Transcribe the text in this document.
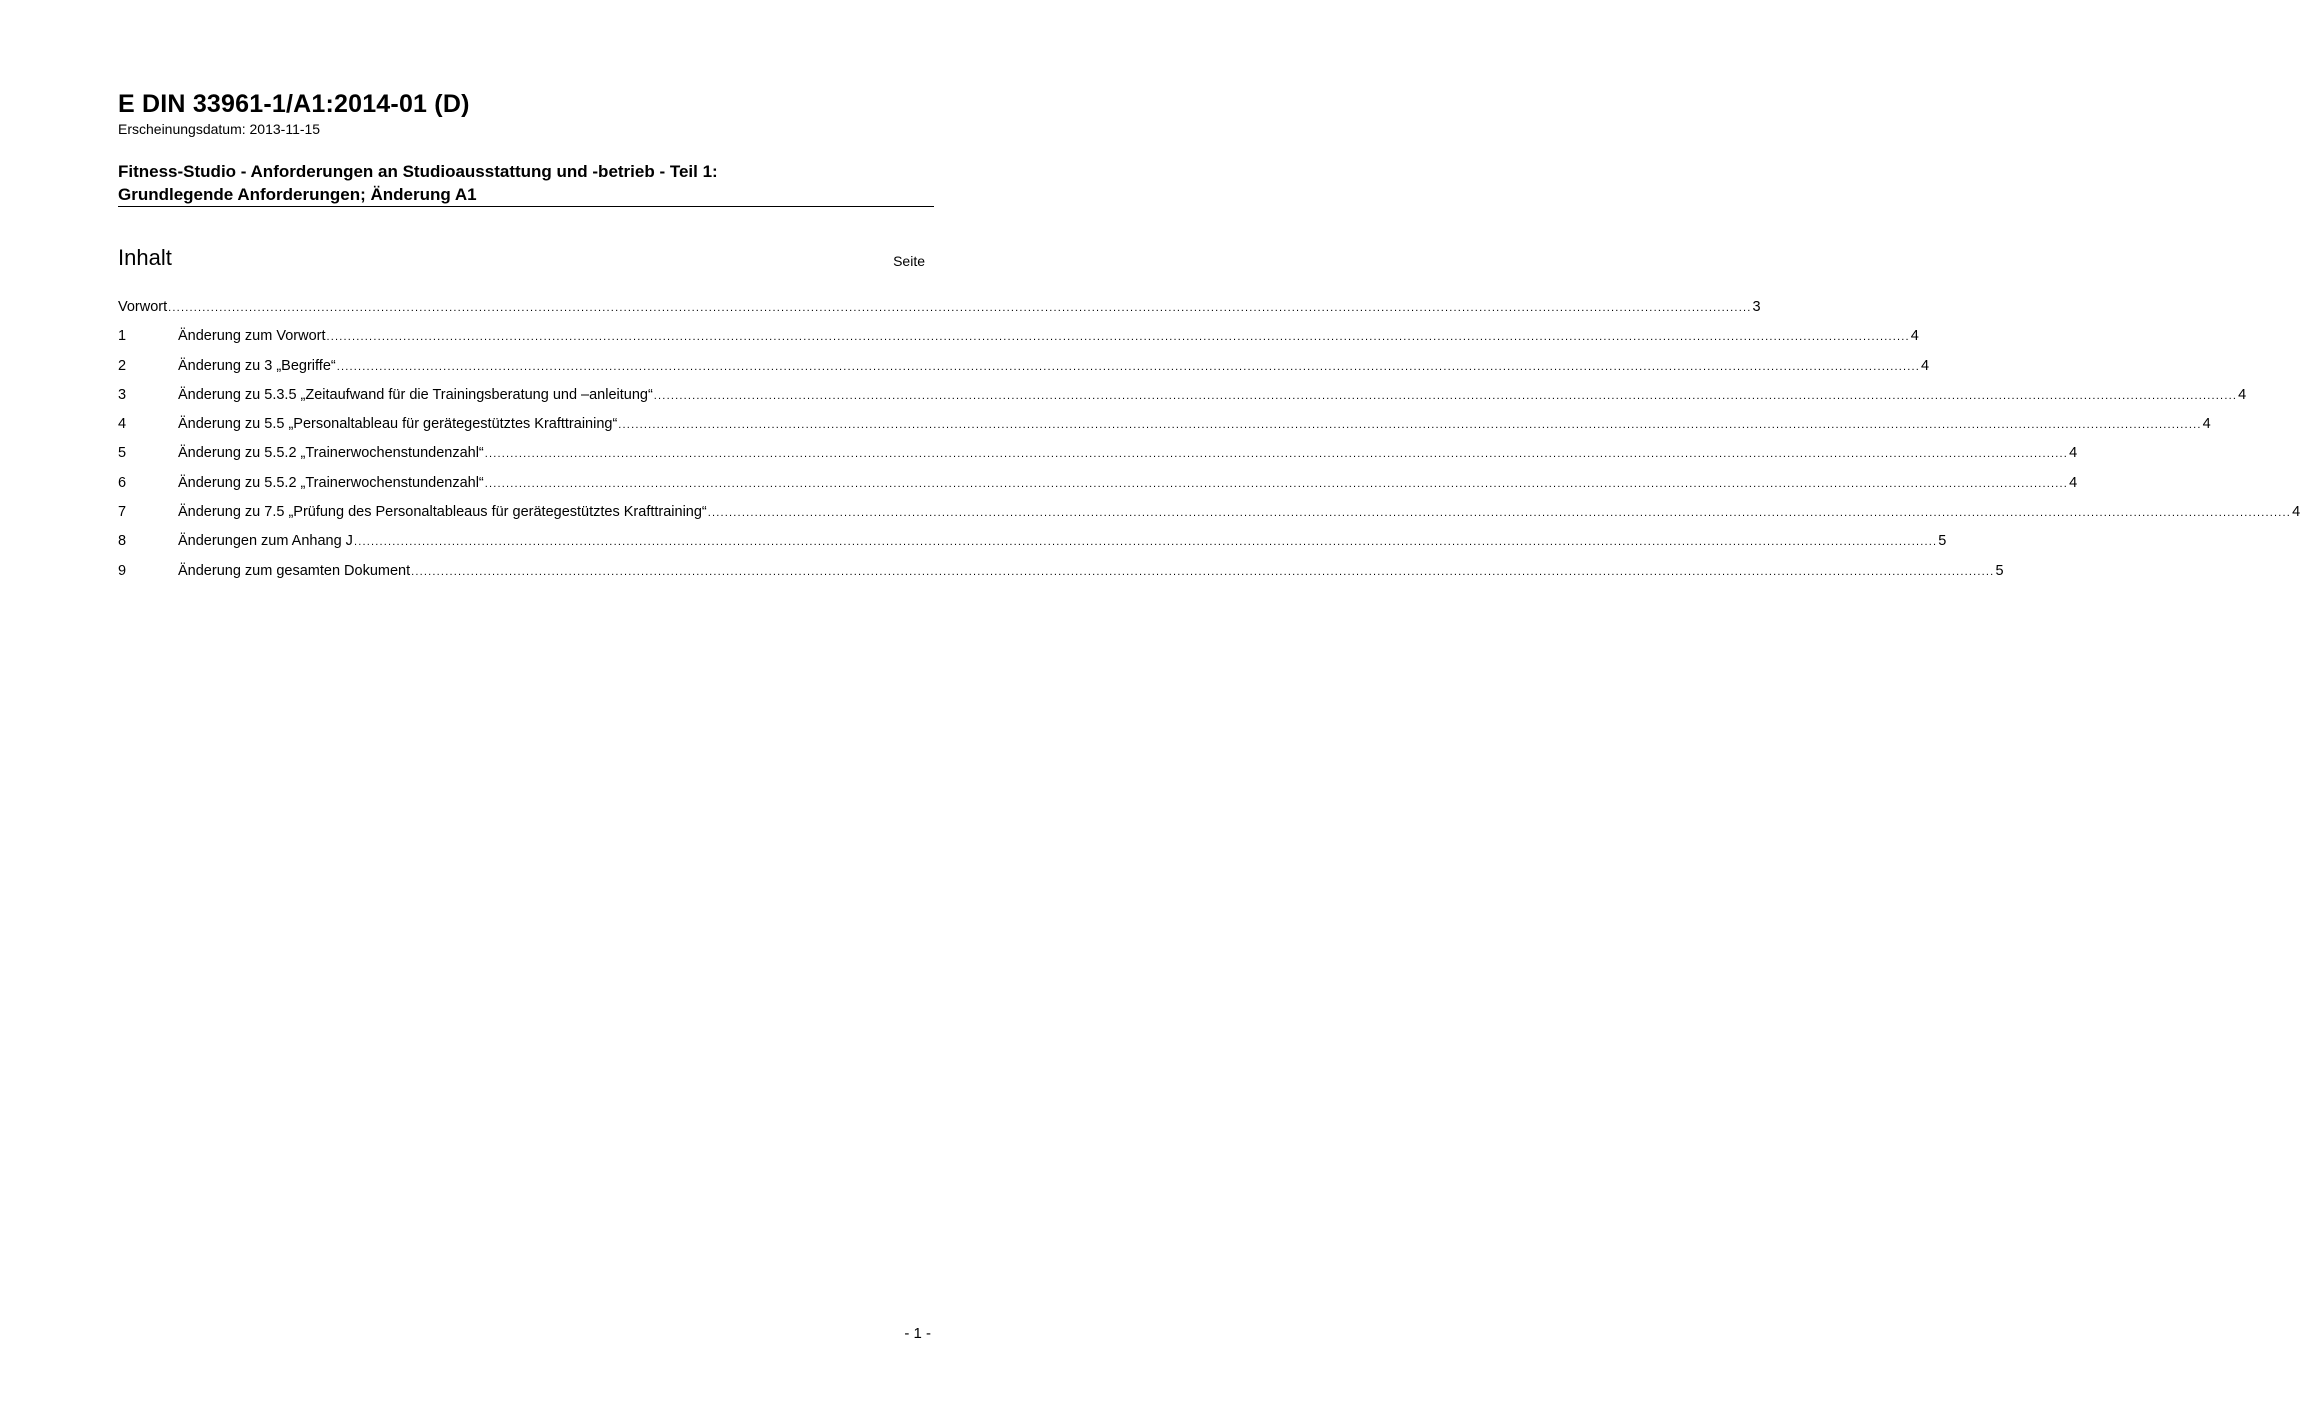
E DIN 33961-1/A1:2014-01 (D)
Erscheinungsdatum: 2013-11-15
Fitness-Studio - Anforderungen an Studioausstattung und -betrieb - Teil 1:
Grundlegende Anforderungen; Änderung A1
Inhalt	Seite
Vorwort .....	3
1	Änderung zum Vorwort .....	4
2	Änderung zu 3 „Begriffe“ .....	4
3	Änderung zu 5.3.5 „Zeitaufwand für die Trainingsberatung und –anleitung“ .....	4
4	Änderung zu 5.5 „Personaltableau für gerätegestütztes Krafttraining“ .....	4
5	Änderung zu 5.5.2 „Trainerwochenstundenzahl“ .....	4
6	Änderung zu 5.5.2 „Trainerwochenstundenzahl“ .....	4
7	Änderung zu 7.5 „Prüfung des Personaltableaus für gerätegestütztes Krafttraining“ .....	4
8	Änderungen zum Anhang J .....	5
9	Änderung zum gesamten Dokument .....	5
- 1 -
